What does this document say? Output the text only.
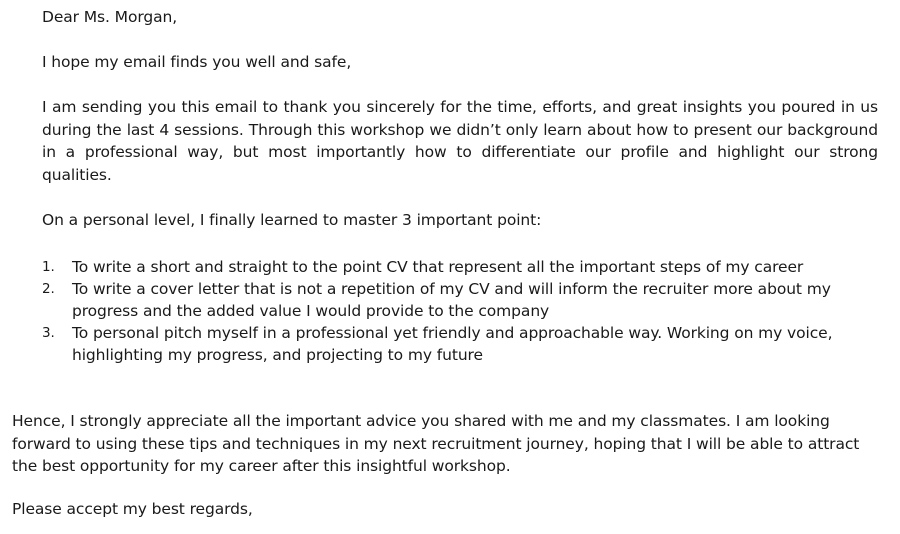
Dear Ms. Morgan,

I hope my email finds you well and safe,

I am sending you this email to thank you sincerely for the time, efforts, and great insights you poured in us during the last 4 sessions. Through this workshop we didn’t only learn about how to present our background in a professional way, but most importantly how to differentiate our profile and highlight our strong qualities.

On a personal level, I finally learned to master 3 important point:

1. To write a short and straight to the point CV that represent all the important steps of my career
2. To write a cover letter that is not a repetition of my CV and will inform the recruiter more about my progress and the added value I would provide to the company
3. To personal pitch myself in a professional yet friendly and approachable way. Working on my voice, highlighting my progress, and projecting to my future

Hence, I strongly appreciate all the important advice you shared with me and my classmates. I am looking forward to using these tips and techniques in my next recruitment journey, hoping that I will be able to attract the best opportunity for my career after this insightful workshop.

Please accept my best regards,
